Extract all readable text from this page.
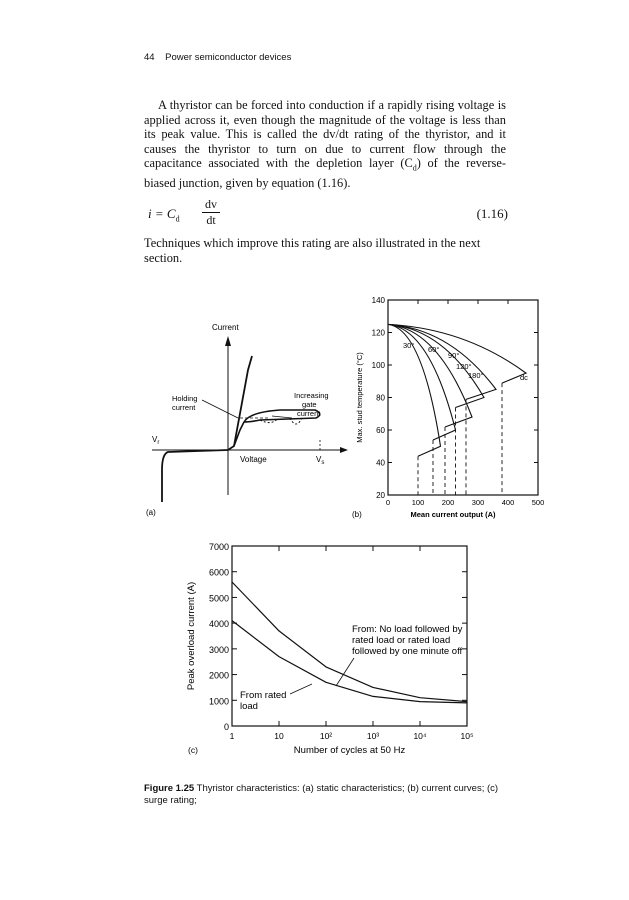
44 Power semiconductor devices

A thyristor can be forced into conduction if a rapidly rising voltage is applied across it, even though the magnitude of the voltage is less than its peak value. This is called the dv/dt rating of the thyristor, and it causes the thyristor to turn on due to current flow through the capacitance associated with the depletion layer $(C_d)$ of the reverse-biased junction, given by equation (1.16).

$i = C_d$
dv
dt	(1.16)
Techniques which improve this rating are also illustrated in the next section.
Current
Voltage
$V_r$
Holding
current
Increasing
gate
current
$V_s$
(a)
20
40
60
80
100
120
140
0	100 200 300 400 500
Max. stud temperature (°C)
Mean current output (A)
(b)
30° 60°
90°
120°
180°	dc
0
1000
2000
3000
4000
5000
6000
7000
1	10	10²	10³	10⁴	10⁵
Peak overload current (A)
Number of cycles at 50 Hz
(c)
From: No load followed by
rated load or rated load
followed by one minute off
From rated
load
Figure 1.25 Thyristor characteristics: (a) static characteristics; (b) current curves; (c) surge rating;
